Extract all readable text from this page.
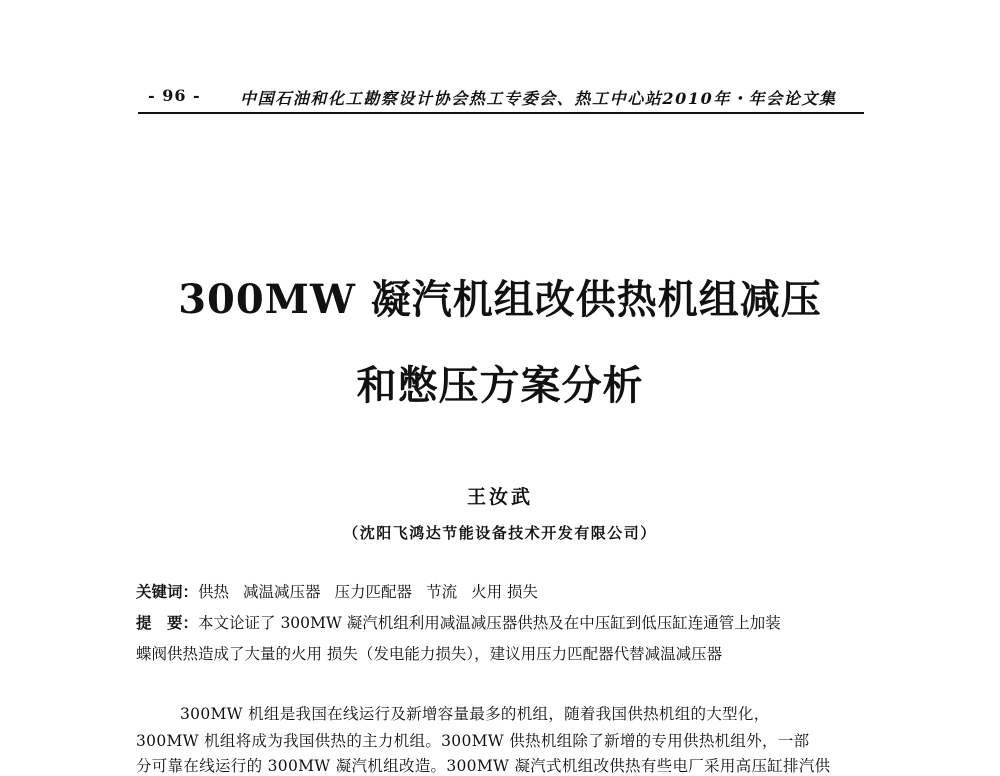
- 96 - 中国石油和化工勘察设计协会热工专委会、热工中心站2010年・年会论文集
300MW 凝汽机组改供热机组减压
和憋压方案分析
王汝武
（沈阳飞鸿达节能设备技术开发有限公司）
关键词：供热 减温减压器 压力匹配器 节流 火用 损失
提　要：本文论证了 300MW 凝汽机组利用减温减压器供热及在中压缸到低压缸连通管上加装
蝶阀供热造成了大量的火用 损失（发电能力损失），建议用压力匹配器代替减温减压器
300MW 机组是我国在线运行及新增容量最多的机组，随着我国供热机组的大型化，
300MW 机组将成为我国供热的主力机组。300MW 供热机组除了新增的专用供热机组外，一部
分可靠在线运行的 300MW 凝汽机组改造。300MW 凝汽式机组改供热有些电厂采用高压缸排汽供
